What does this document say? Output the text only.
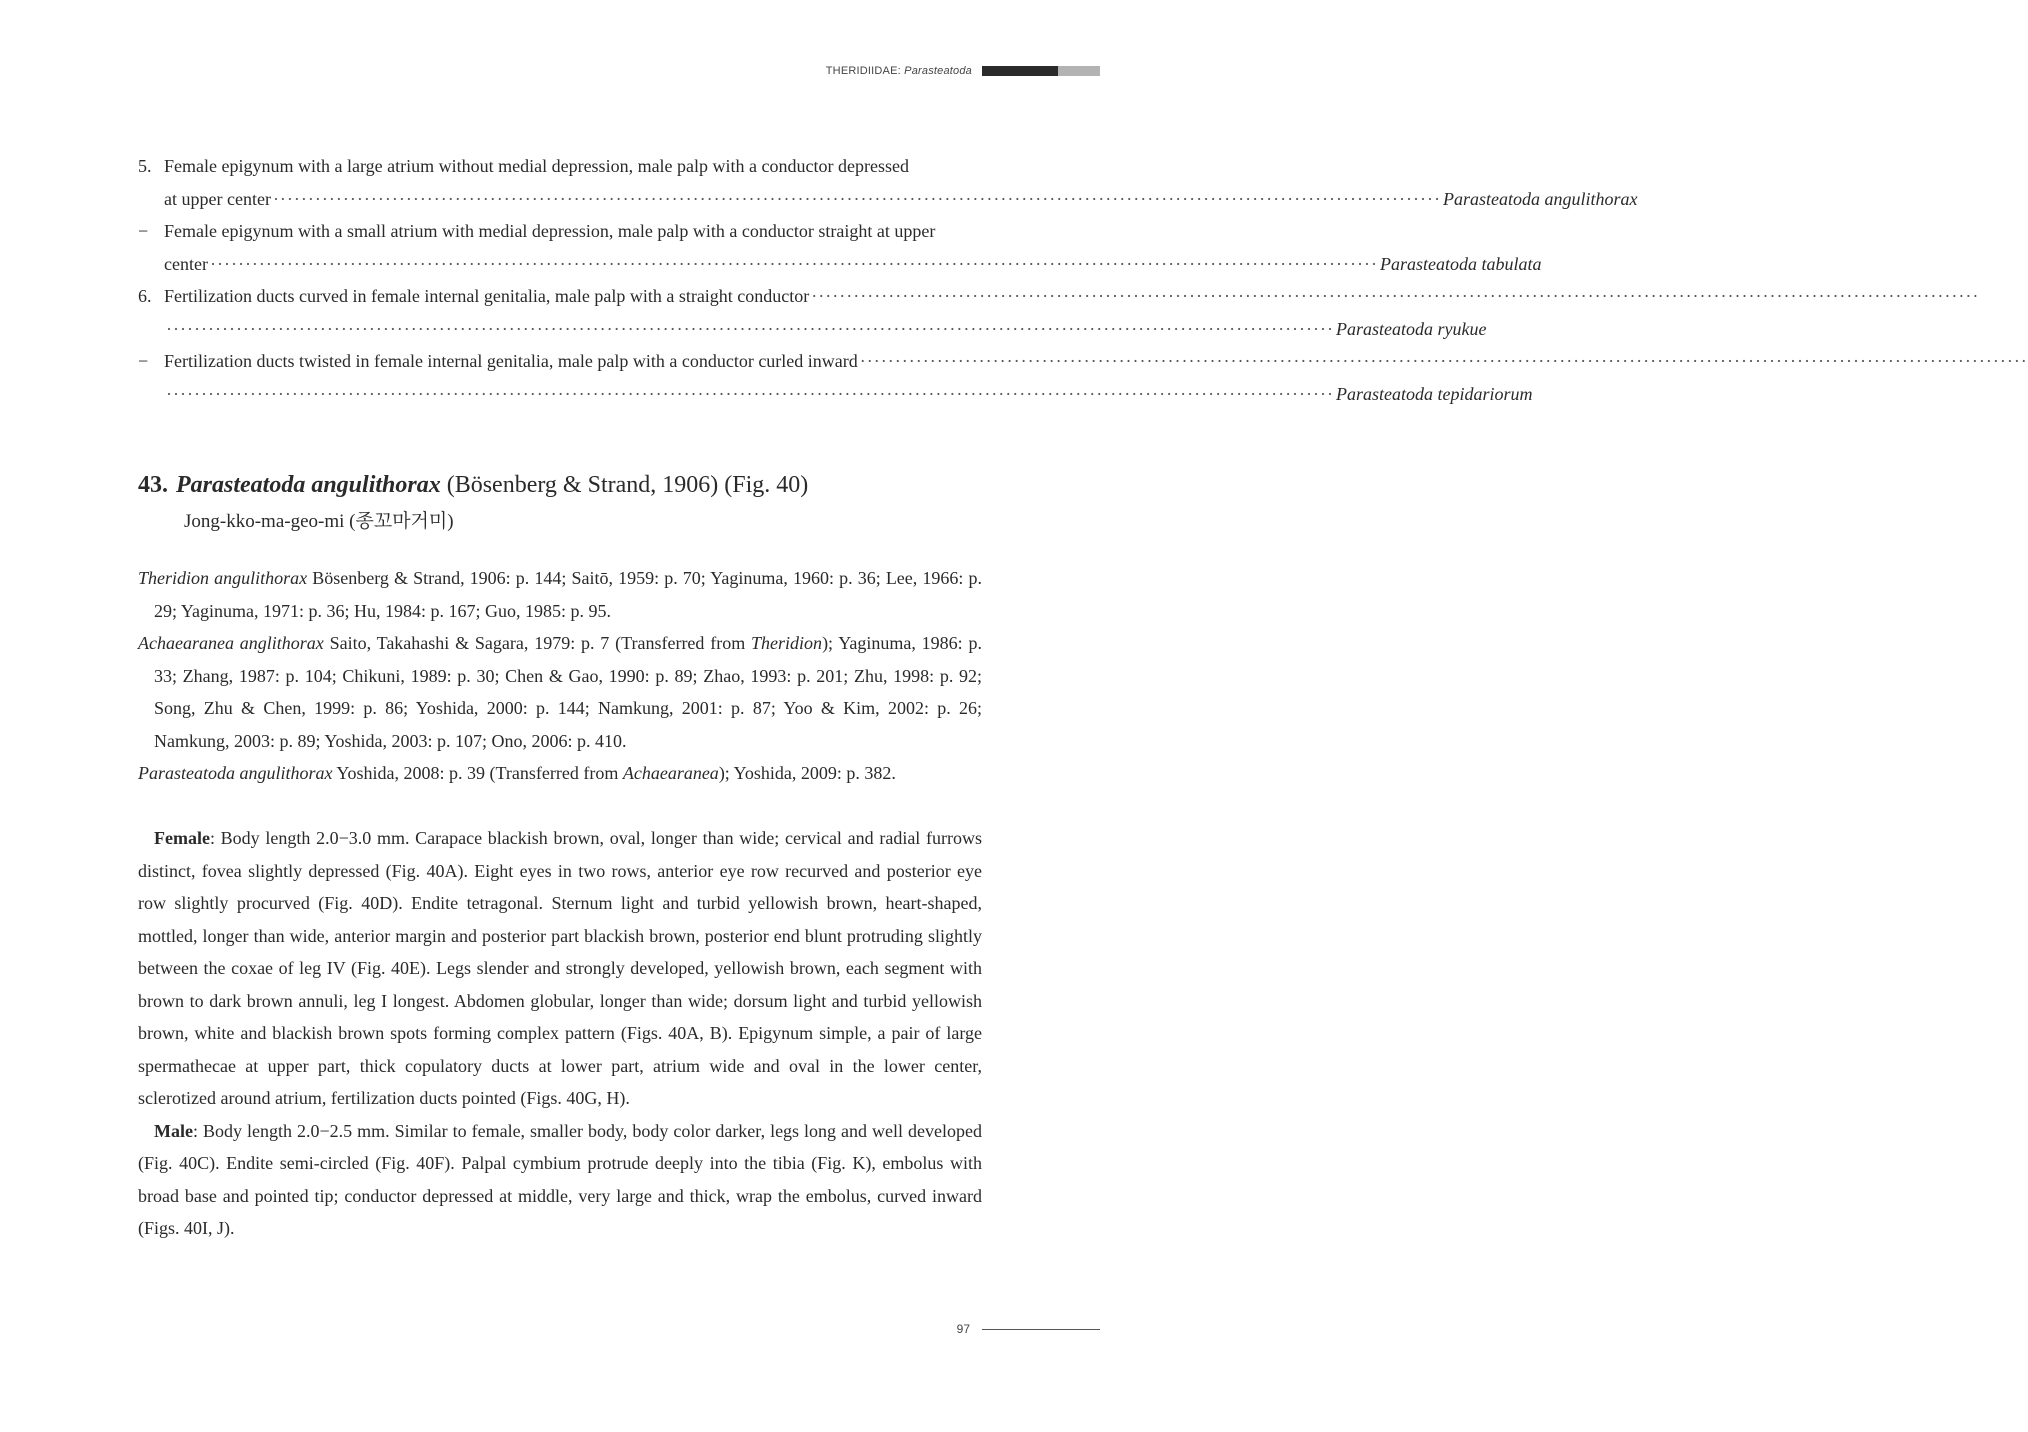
THERIDIIDAE: Parasteatoda
5. Female epigynum with a large atrium without medial depression, male palp with a conductor depressed
at upper center ······································································································································································· Parasteatoda angulithorax
− Female epigynum with a small atrium with medial depression, male palp with a conductor straight at upper
center ······································································································································································· Parasteatoda tabulata
6. Fertilization ducts curved in female internal genitalia, male palp with a straight conductor ·······································································································································································
······································································································································································· Parasteatoda ryukue
− Fertilization ducts twisted in female internal genitalia, male palp with a conductor curled inward ·······································································································································································
······································································································································································· Parasteatoda tepidariorum
43. Parasteatoda angulithorax (Bösenberg & Strand, 1906) (Fig. 40)
Jong-kko-ma-geo-mi (종꼬마거미)
Theridion angulithorax Bösenberg & Strand, 1906: p. 144; Saitō, 1959: p. 70; Yaginuma, 1960: p. 36; Lee, 1966: p. 29; Yaginuma, 1971: p. 36; Hu, 1984: p. 167; Guo, 1985: p. 95.
Achaearanea anglithorax Saito, Takahashi & Sagara, 1979: p. 7 (Transferred from Theridion); Yaginuma, 1986: p. 33; Zhang, 1987: p. 104; Chikuni, 1989: p. 30; Chen & Gao, 1990: p. 89; Zhao, 1993: p. 201; Zhu, 1998: p. 92; Song, Zhu & Chen, 1999: p. 86; Yoshida, 2000: p. 144; Namkung, 2001: p. 87; Yoo & Kim, 2002: p. 26; Namkung, 2003: p. 89; Yoshida, 2003: p. 107; Ono, 2006: p. 410.
Parasteatoda angulithorax Yoshida, 2008: p. 39 (Transferred from Achaearanea); Yoshida, 2009: p. 382.

Female: Body length 2.0−3.0 mm. Carapace blackish brown, oval, longer than wide; cervical and radial furrows distinct, fovea slightly depressed (Fig. 40A). Eight eyes in two rows, anterior eye row recurved and posterior eye row slightly procurved (Fig. 40D). Endite tetragonal. Sternum light and turbid yellowish brown, heart-shaped, mottled, longer than wide, anterior margin and posterior part blackish brown, posterior end blunt protruding slightly between the coxae of leg IV (Fig. 40E). Legs slender and strongly developed, yellowish brown, each segment with brown to dark brown annuli, leg I longest. Abdomen globular, longer than wide; dorsum light and turbid yellowish brown, white and blackish brown spots forming complex pattern (Figs. 40A, B). Epigynum simple, a pair of large spermathecae at upper part, thick copulatory ducts at lower part, atrium wide and oval in the lower center, sclerotized around atrium, fertilization ducts pointed (Figs. 40G, H).

Male: Body length 2.0−2.5 mm. Similar to female, smaller body, body color darker, legs long and well developed (Fig. 40C). Endite semi-circled (Fig. 40F). Palpal cymbium protrude deeply into the tibia (Fig. K), embolus with broad base and pointed tip; conductor depressed at middle, very large and thick, wrap the embolus, curved inward (Figs. 40I, J).

97
